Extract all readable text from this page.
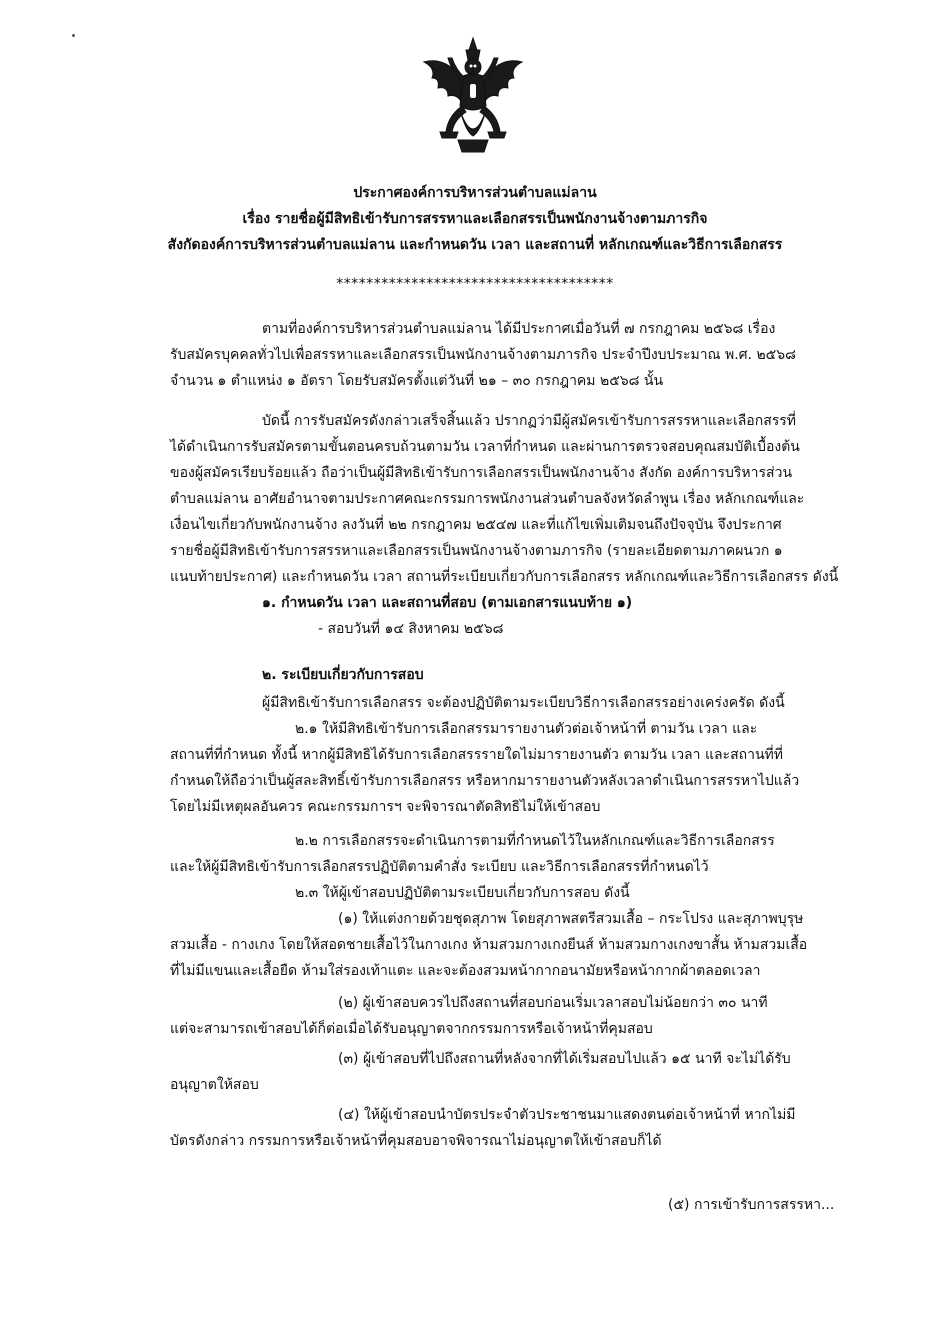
ประกาศองค์การบริหารส่วนตำบลแม่ลาน
เรื่อง รายชื่อผู้มีสิทธิเข้ารับการสรรหาและเลือกสรรเป็นพนักงานจ้างตามภารกิจ
สังกัดองค์การบริหารส่วนตำบลแม่ลาน และกำหนดวัน เวลา และสถานที่ หลักเกณฑ์และวิธีการเลือกสรร
*************************************
ตามที่องค์การบริหารส่วนตำบลแม่ลาน ได้มีประกาศเมื่อวันที่ ๗ กรกฎาคม ๒๕๖๘ เรื่อง
รับสมัครบุคคลทั่วไปเพื่อสรรหาและเลือกสรรเป็นพนักงานจ้างตามภารกิจ ประจำปีงบประมาณ พ.ศ. ๒๕๖๘
จำนวน ๑ ตำแหน่ง ๑ อัตรา โดยรับสมัครตั้งแต่วันที่ ๒๑ – ๓๐ กรกฎาคม ๒๕๖๘ นั้น
บัดนี้ การรับสมัครดังกล่าวเสร็จสิ้นแล้ว ปรากฏว่ามีผู้สมัครเข้ารับการสรรหาและเลือกสรรที่
ได้ดำเนินการรับสมัครตามขั้นตอนครบถ้วนตามวัน เวลาที่กำหนด และผ่านการตรวจสอบคุณสมบัติเบื้องต้น
ของผู้สมัครเรียบร้อยแล้ว ถือว่าเป็นผู้มีสิทธิเข้ารับการเลือกสรรเป็นพนักงานจ้าง สังกัด องค์การบริหารส่วน
ตำบลแม่ลาน อาศัยอำนาจตามประกาศคณะกรรมการพนักงานส่วนตำบลจังหวัดลำพูน เรื่อง หลักเกณฑ์และ
เงื่อนไขเกี่ยวกับพนักงานจ้าง ลงวันที่ ๒๒ กรกฎาคม ๒๕๔๗ และที่แก้ไขเพิ่มเติมจนถึงปัจจุบัน จึงประกาศ
รายชื่อผู้มีสิทธิเข้ารับการสรรหาและเลือกสรรเป็นพนักงานจ้างตามภารกิจ (รายละเอียดตามภาคผนวก ๑
แนบท้ายประกาศ) และกำหนดวัน เวลา สถานที่ระเบียบเกี่ยวกับการเลือกสรร หลักเกณฑ์และวิธีการเลือกสรร ดังนี้
๑. กำหนดวัน เวลา และสถานที่สอบ (ตามเอกสารแนบท้าย ๑)
- สอบวันที่ ๑๔ สิงหาคม ๒๕๖๘
๒. ระเบียบเกี่ยวกับการสอบ
ผู้มีสิทธิเข้ารับการเลือกสรร จะต้องปฏิบัติตามระเบียบวิธีการเลือกสรรอย่างเคร่งครัด ดังนี้
๒.๑ ให้มีสิทธิเข้ารับการเลือกสรรมารายงานตัวต่อเจ้าหน้าที่ ตามวัน เวลา และ
สถานที่ที่กำหนด ทั้งนี้ หากผู้มีสิทธิได้รับการเลือกสรรรายใดไม่มารายงานตัว ตามวัน เวลา และสถานที่ที่
กำหนดให้ถือว่าเป็นผู้สละสิทธิ์เข้ารับการเลือกสรร หรือหากมารายงานตัวหลังเวลาดำเนินการสรรหาไปแล้ว
โดยไม่มีเหตุผลอันควร คณะกรรมการฯ จะพิจารณาตัดสิทธิไม่ให้เข้าสอบ
๒.๒ การเลือกสรรจะดำเนินการตามที่กำหนดไว้ในหลักเกณฑ์และวิธีการเลือกสรร
และให้ผู้มีสิทธิเข้ารับการเลือกสรรปฏิบัติตามคำสั่ง ระเบียบ และวิธีการเลือกสรรที่กำหนดไว้
๒.๓ ให้ผู้เข้าสอบปฏิบัติตามระเบียบเกี่ยวกับการสอบ ดังนี้
(๑) ให้แต่งกายด้วยชุดสุภาพ โดยสุภาพสตรีสวมเสื้อ – กระโปรง และสุภาพบุรุษ
สวมเสื้อ - กางเกง โดยให้สอดชายเสื้อไว้ในกางเกง ห้ามสวมกางเกงยีนส์ ห้ามสวมกางเกงขาสั้น ห้ามสวมเสื้อ
ที่ไม่มีแขนและเสื้อยืด ห้ามใส่รองเท้าแตะ และจะต้องสวมหน้ากากอนามัยหรือหน้ากากผ้าตลอดเวลา
(๒) ผู้เข้าสอบควรไปถึงสถานที่สอบก่อนเริ่มเวลาสอบไม่น้อยกว่า ๓๐ นาที
แต่จะสามารถเข้าสอบได้ก็ต่อเมื่อได้รับอนุญาตจากกรรมการหรือเจ้าหน้าที่คุมสอบ
(๓) ผู้เข้าสอบที่ไปถึงสถานที่หลังจากที่ได้เริ่มสอบไปแล้ว ๑๕ นาที จะไม่ได้รับ
อนุญาตให้สอบ
(๔) ให้ผู้เข้าสอบนำบัตรประจำตัวประชาชนมาแสดงตนต่อเจ้าหน้าที่ หากไม่มี
บัตรดังกล่าว กรรมการหรือเจ้าหน้าที่คุมสอบอาจพิจารณาไม่อนุญาตให้เข้าสอบก็ได้
(๕) การเข้ารับการสรรหา...
